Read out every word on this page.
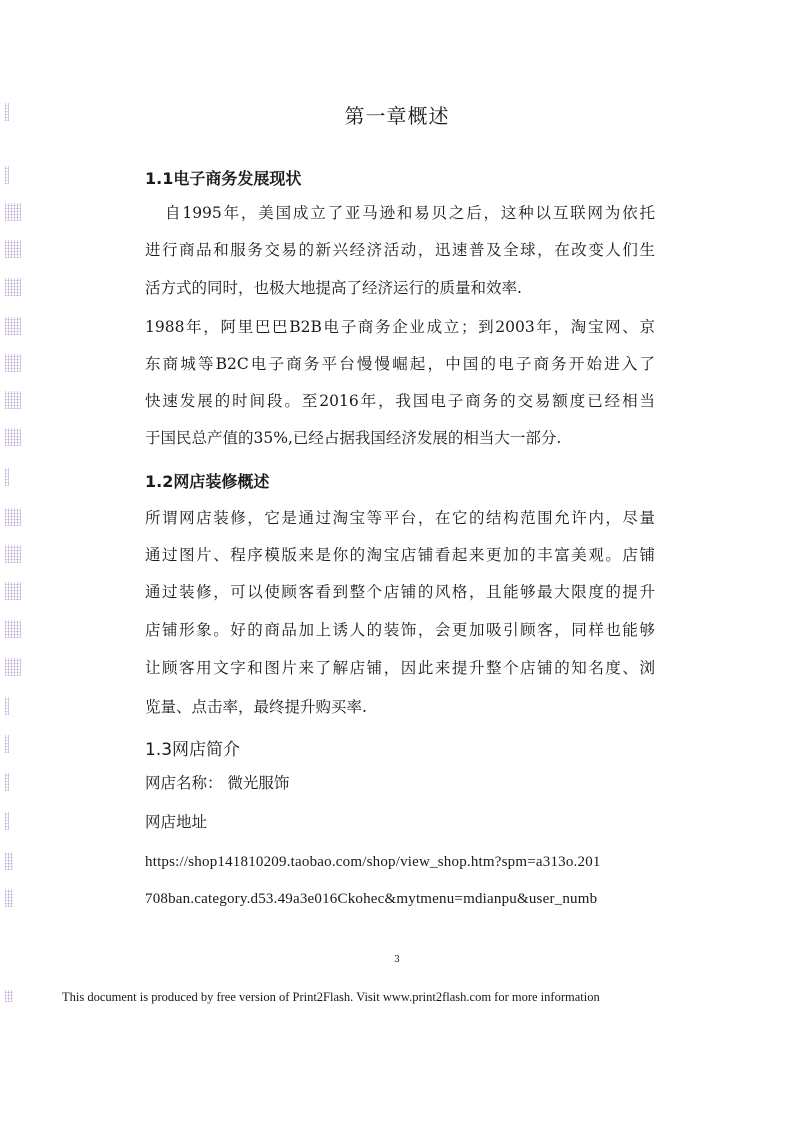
第一章概述
1.1电子商务发展现状
自1995年，美国成立了亚马逊和易贝之后，这种以互联网为依托
进行商品和服务交易的新兴经济活动，迅速普及全球，在改变人们生
活方式的同时，也极大地提高了经济运行的质量和效率.
1988年，阿里巴巴B2B电子商务企业成立；到2003年，淘宝网、京
东商城等B2C电子商务平台慢慢崛起，中国的电子商务开始进入了
快速发展的时间段。至2016年，我国电子商务的交易额度已经相当
于国民总产值的35%,已经占据我国经济发展的相当大一部分.
1.2网店装修概述
所谓网店装修，它是通过淘宝等平台，在它的结构范围允许内，尽量
通过图片、程序模版来是你的淘宝店铺看起来更加的丰富美观。店铺
通过装修，可以使顾客看到整个店铺的风格，且能够最大限度的提升
店铺形象。好的商品加上诱人的装饰，会更加吸引顾客，同样也能够
让顾客用文字和图片来了解店铺，因此来提升整个店铺的知名度、浏
览量、点击率，最终提升购买率.
1.3网店简介
网店名称： 微光服饰
网店地址
https://shop141810209.taobao.com/shop/view_shop.htm?spm=a313o.201
708ban.category.d53.49a3e016Ckohec&mytmenu=mdianpu&user_numb
3
This document is produced by free version of Print2Flash. Visit www.print2flash.com for more information
